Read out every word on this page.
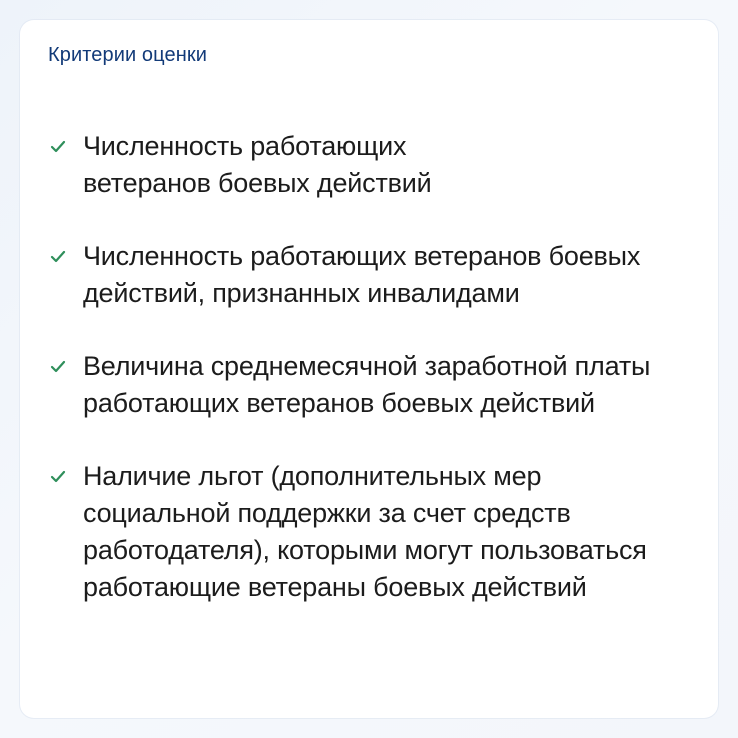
Критерии оценки
Численность работающих
ветеранов боевых действий
Численность работающих ветеранов боевых
действий, признанных инвалидами
Величина среднемесячной заработной платы
работающих ветеранов боевых действий
Наличие льгот (дополнительных мер
социальной поддержки за счет средств
работодателя), которыми могут пользоваться
работающие ветераны боевых действий
